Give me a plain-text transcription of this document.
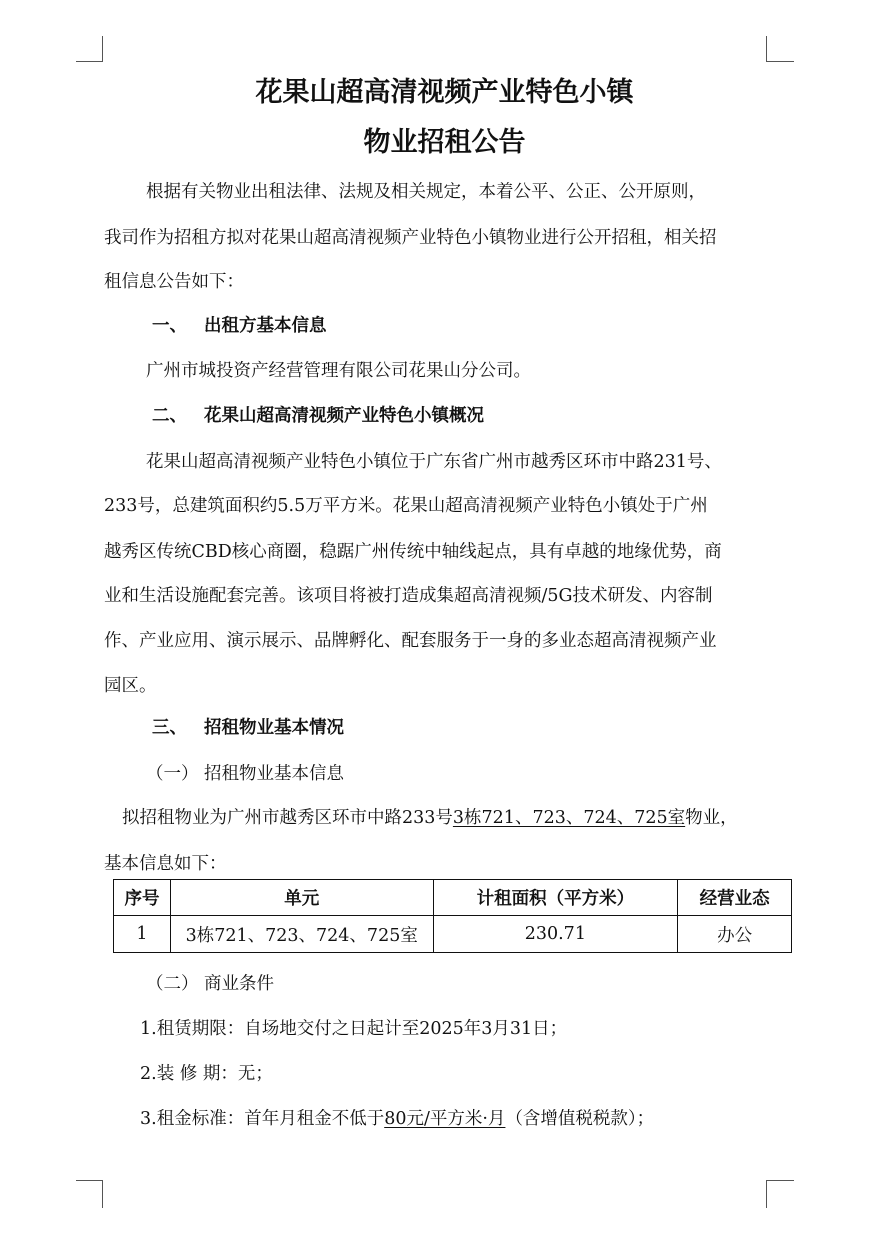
花果山超高清视频产业特色小镇
物业招租公告
根据有关物业出租法律、法规及相关规定，本着公平、公正、公开原则，
我司作为招租方拟对花果山超高清视频产业特色小镇物业进行公开招租，相关招
租信息公告如下：
一、 出租方基本信息
广州市城投资产经营管理有限公司花果山分公司。
二、 花果山超高清视频产业特色小镇概况
花果山超高清视频产业特色小镇位于广东省广州市越秀区环市中路231号、
233号，总建筑面积约5.5万平方米。花果山超高清视频产业特色小镇处于广州
越秀区传统CBD核心商圈，稳踞广州传统中轴线起点，具有卓越的地缘优势，商
业和生活设施配套完善。该项目将被打造成集超高清视频/5G技术研发、内容制
作、产业应用、演示展示、品牌孵化、配套服务于一身的多业态超高清视频产业
园区。
三、 招租物业基本情况
（一） 招租物业基本信息
拟招租物业为广州市越秀区环市中路233号3栋721、723、724、725室物业，
基本信息如下：
序号	单元	计租面积（平方米）	经营业态
1	3栋721、723、724、725室	230.71	办公
（二） 商业条件
1.租赁期限：自场地交付之日起计至2025年3月31日；
2.装 修 期：无；
3.租金标准：首年月租金不低于80元/平方米·月（含增值税税款）；
